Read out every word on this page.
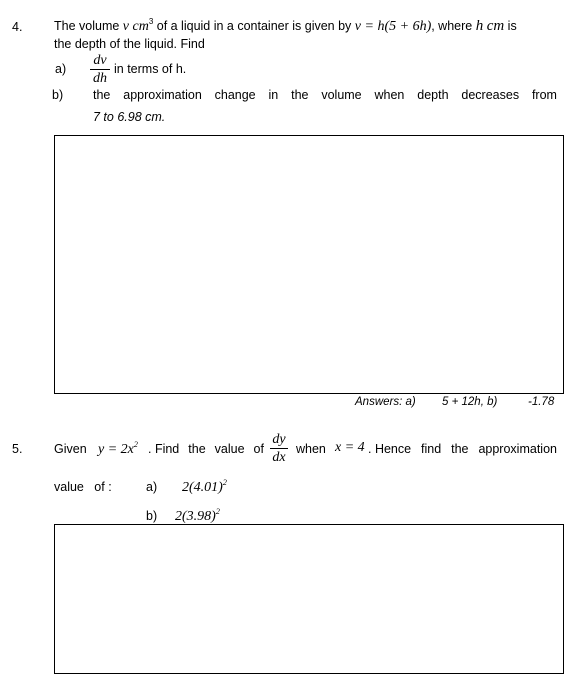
4.	The volume v $cm^3$ of a liquid in a container is given by v = h(5 + 6h), where h cm is
the depth of the liquid. Find
a)
dv
dh
in terms of h.
b) the approximation change in the volume when depth decreases from
7 to 6.98 cm.
Answers: a) 5 + 12h, b)	-1.78
5.	Given $y = 2x^2$ . Find the value of
dy
dx
when x = 4 . Hence find the approximation
value   of :	a) $2(4.01)^2$
b) $2(3.98)^2$
